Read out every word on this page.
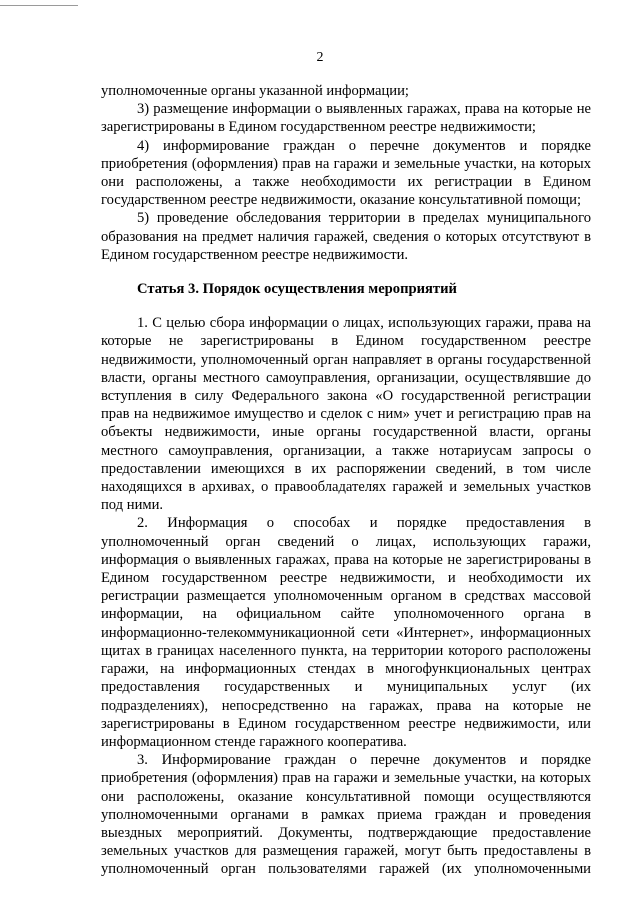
2
уполномоченные органы указанной информации;
3) размещение информации о выявленных гаражах, права на которые не
зарегистрированы в Едином государственном реестре недвижимости;
4) информирование граждан о перечне документов и порядке
приобретения (оформления) прав на гаражи и земельные участки, на которых
они расположены, а также необходимости их регистрации в Едином
государственном реестре недвижимости, оказание консультативной помощи;
5) проведение обследования территории в пределах муниципального
образования на предмет наличия гаражей, сведения о которых отсутствуют в
Едином государственном реестре недвижимости.
Статья 3. Порядок осуществления мероприятий
1. С целью сбора информации о лицах, использующих гаражи, права на
которые не зарегистрированы в Едином государственном реестре
недвижимости, уполномоченный орган направляет в органы государственной
власти, органы местного самоуправления, организации, осуществлявшие до
вступления в силу Федерального закона «О государственной регистрации
прав на недвижимое имущество и сделок с ним» учет и регистрацию прав на
объекты недвижимости, иные органы государственной власти, органы
местного самоуправления, организации, а также нотариусам запросы о
предоставлении имеющихся в их распоряжении сведений, в том числе
находящихся в архивах, о правообладателях гаражей и земельных участков
под ними.
2. Информация о способах и порядке предоставления в
уполномоченный орган сведений о лицах, использующих гаражи,
информация о выявленных гаражах, права на которые не зарегистрированы в
Едином государственном реестре недвижимости, и необходимости их
регистрации размещается уполномоченным органом в средствах массовой
информации, на официальном сайте уполномоченного органа в
информационно-телекоммуникационной сети «Интернет», информационных
щитах в границах населенного пункта, на территории которого расположены
гаражи, на информационных стендах в многофункциональных центрах
предоставления государственных и муниципальных услуг (их
подразделениях), непосредственно на гаражах, права на которые не
зарегистрированы в Едином государственном реестре недвижимости, или
информационном стенде гаражного кооператива.
3. Информирование граждан о перечне документов и порядке
приобретения (оформления) прав на гаражи и земельные участки, на которых
они расположены, оказание консультативной помощи осуществляются
уполномоченными органами в рамках приема граждан и проведения
выездных мероприятий. Документы, подтверждающие предоставление
земельных участков для размещения гаражей, могут быть предоставлены в
уполномоченный орган пользователями гаражей (их уполномоченными
